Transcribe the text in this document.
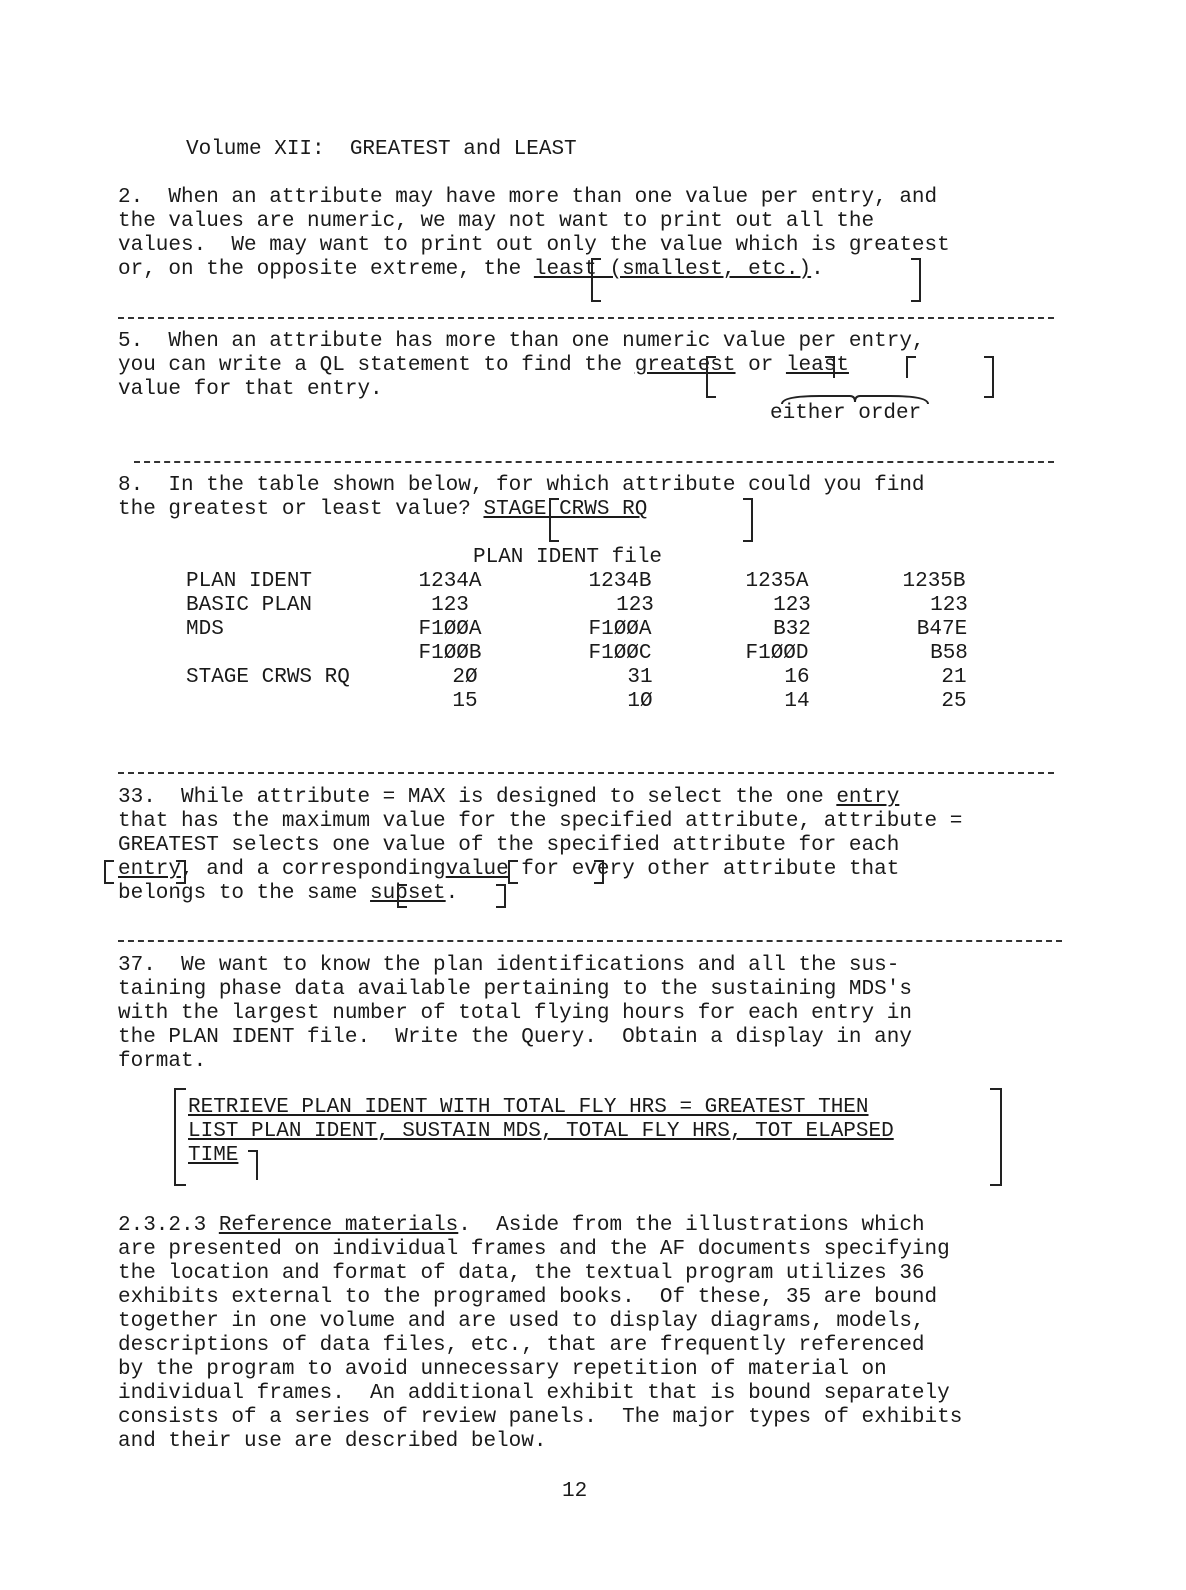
Volume XII:  GREATEST and LEAST
2.  When an attribute may have more than one value per entry, and
the values are numeric, we may not want to print out all the
values.  We may want to print out only the value which is greatest
or, on the opposite extreme, the least (smallest, etc.).
5.  When an attribute has more than one numeric value per entry,
you can write a QL statement to find the greatest or least
value for that entry.
either order
8.  In the table shown below, for which attribute could you find
the greatest or least value? STAGE CRWS RQ
PLAN IDENT file
PLAN IDENT
BASIC PLAN
MDS
STAGE CRWS RQ
1234A
123
F1ØØA
F1ØØB
2Ø
15
1234B
123
F1ØØA
F1ØØC
31
1Ø
1235A
123
B32
F1ØØD
16
14
1235B
123
B47E
B58
21
25
33.  While attribute = MAX is designed to select the one entry
that has the maximum value for the specified attribute, attribute =
GREATEST selects one value of the specified attribute for each
entry, and a correspondingvalue for every other attribute that
belongs to the same subset.
37.  We want to know the plan identifications and all the sus-
taining phase data available pertaining to the sustaining MDS's
with the largest number of total flying hours for each entry in
the PLAN IDENT file.  Write the Query.  Obtain a display in any
format.
RETRIEVE PLAN IDENT WITH TOTAL FLY HRS = GREATEST THEN
LIST PLAN IDENT, SUSTAIN MDS, TOTAL FLY HRS, TOT ELAPSED
TIME
2.3.2.3 Reference materials.  Aside from the illustrations which
are presented on individual frames and the AF documents specifying
the location and format of data, the textual program utilizes 36
exhibits external to the programed books.  Of these, 35 are bound
together in one volume and are used to display diagrams, models,
descriptions of data files, etc., that are frequently referenced
by the program to avoid unnecessary repetition of material on
individual frames.  An additional exhibit that is bound separately
consists of a series of review panels.  The major types of exhibits
and their use are described below.
12
